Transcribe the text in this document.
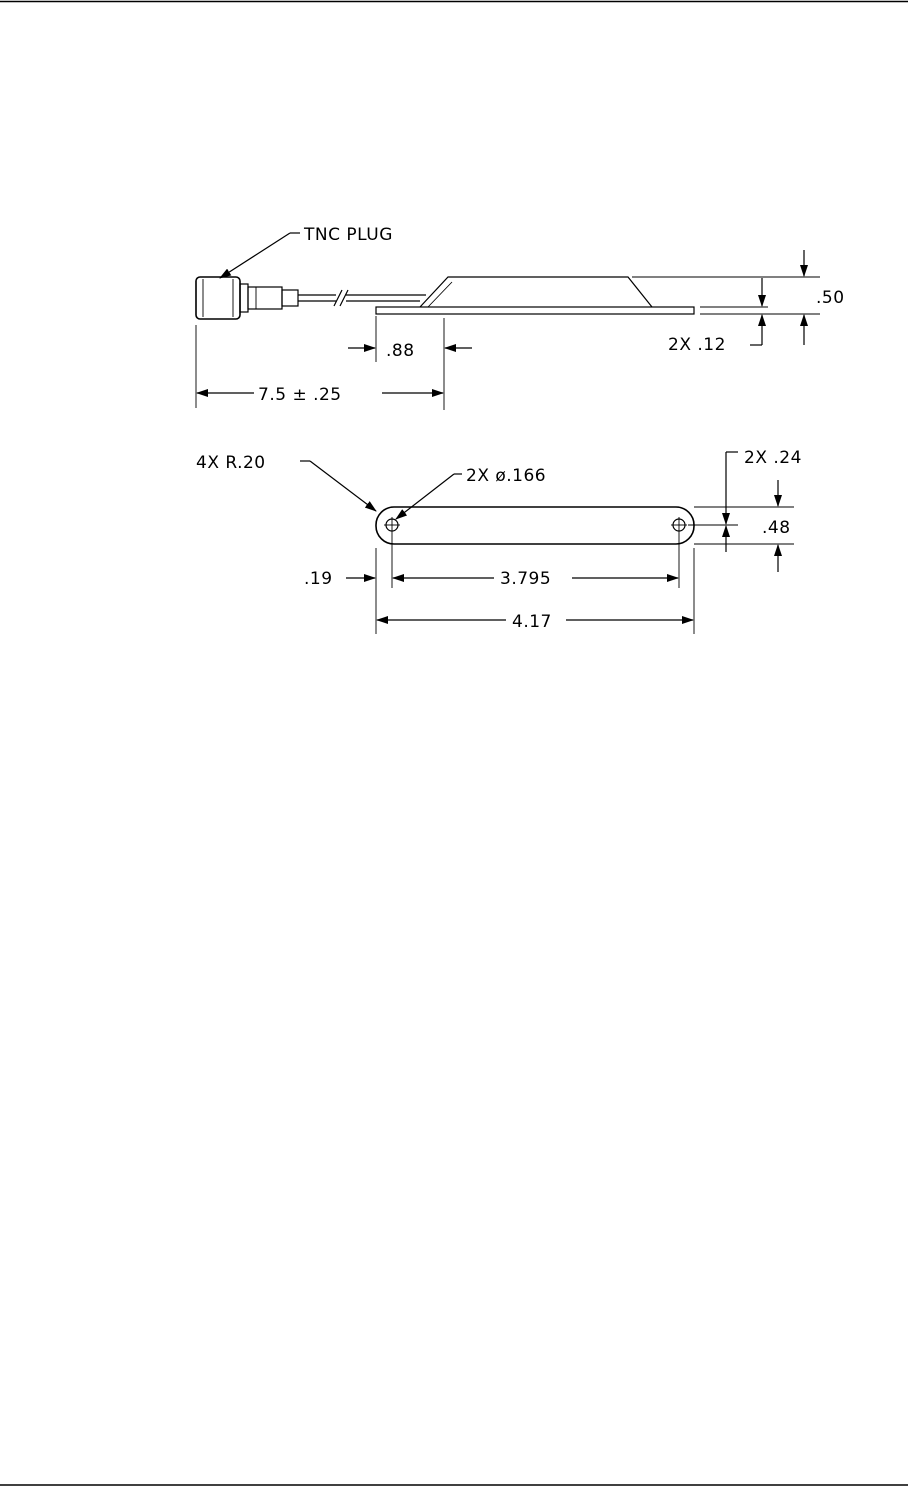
.50
2X .12
TNC PLUG
.88
7.5 ± .25
4X R.20
2X ø.166
2X .24
.48
.19	3.795
4.17
